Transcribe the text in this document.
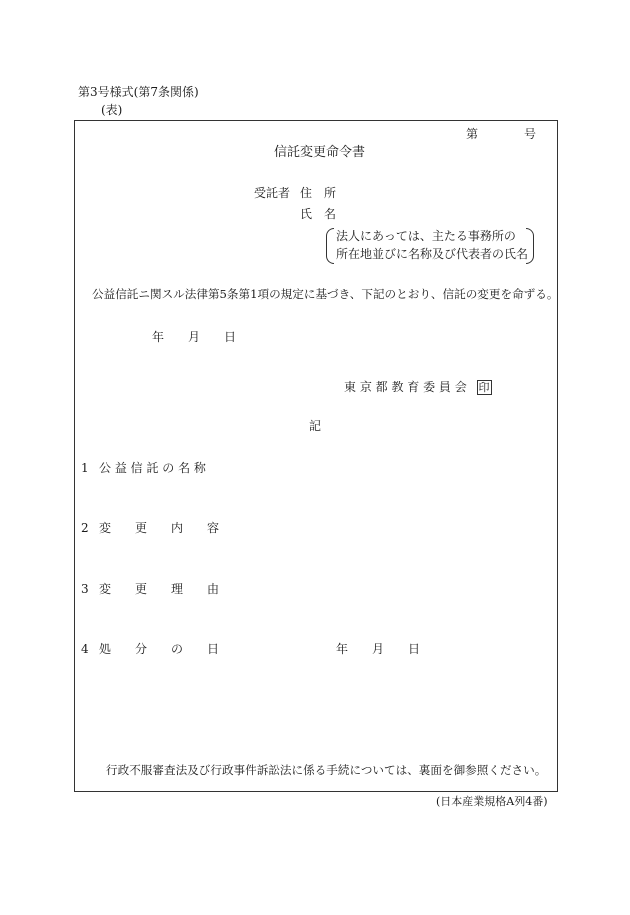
第3号様式(第7条関係)
(表)
第	号
信託変更命令書
受託者 住　所
氏　名
法人にあっては、主たる事務所の
所在地並びに名称及び代表者の氏名
公益信託ニ関スル法律第5条第1項の規定に基づき、下記のとおり、信託の変更を命ずる。
年　　月　　日
東 京 都 教 育 委 員 会 印
記
1 公 益 信 託 の 名 称
2 変　　更　　内　　容
3 変　　更　　理　　由
4 処　　分　　の　　日	年　　月　　日
行政不服審査法及び行政事件訴訟法に係る手続については、裏面を御参照ください。
(日本産業規格A列4番)
